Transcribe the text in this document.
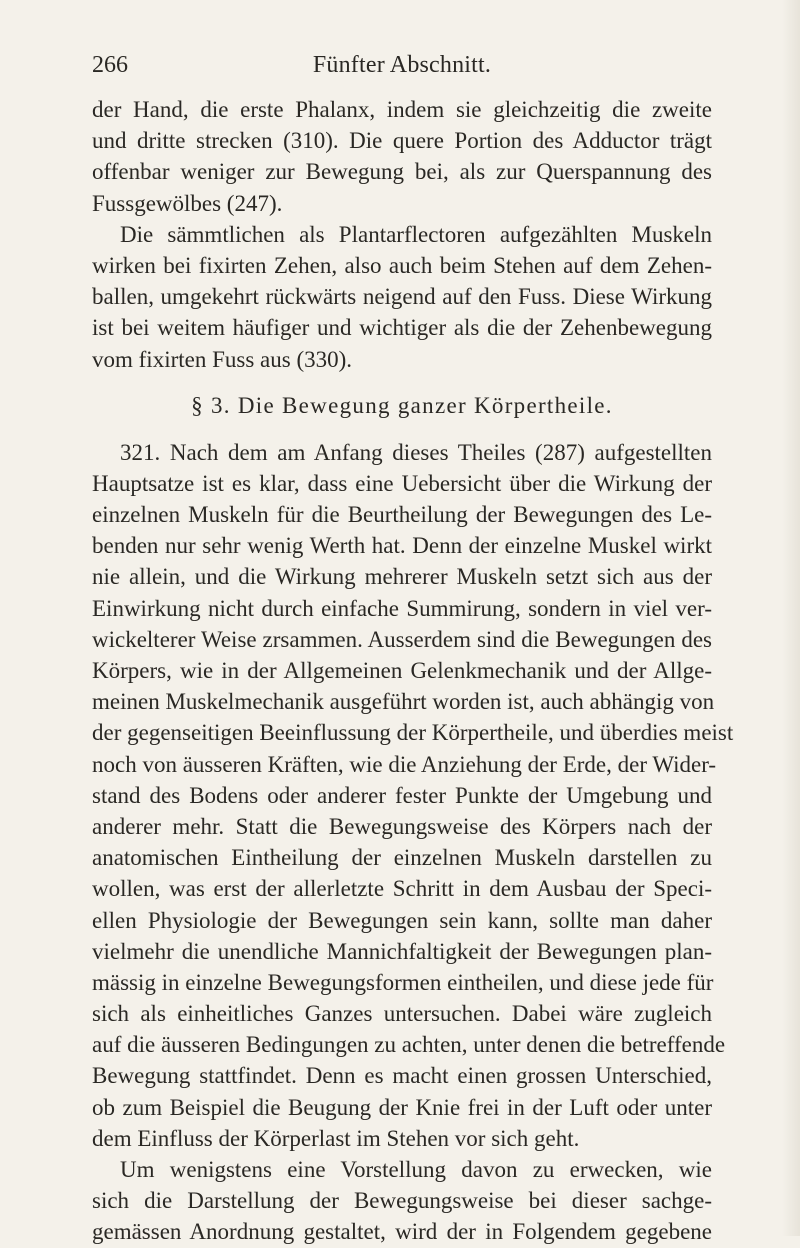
266	Fünfter Abschnitt.
der Hand, die erste Phalanx, indem sie gleichzeitig die zweite
und dritte strecken (310). Die quere Portion des Adductor trägt
offenbar weniger zur Bewegung bei, als zur Querspannung des
Fussgewölbes (247).
Die sämmtlichen als Plantarflectoren aufgezählten Muskeln
wirken bei fixirten Zehen, also auch beim Stehen auf dem Zehen-
ballen, umgekehrt rückwärts neigend auf den Fuss. Diese Wirkung
ist bei weitem häufiger und wichtiger als die der Zehenbewegung
vom fixirten Fuss aus (330).
§ 3. Die Bewegung ganzer Körpertheile.
321. Nach dem am Anfang dieses Theiles (287) aufgestellten
Hauptsatze ist es klar, dass eine Uebersicht über die Wirkung der
einzelnen Muskeln für die Beurtheilung der Bewegungen des Le-
benden nur sehr wenig Werth hat. Denn der einzelne Muskel wirkt
nie allein, und die Wirkung mehrerer Muskeln setzt sich aus der
Einwirkung nicht durch einfache Summirung, sondern in viel ver-
wickelterer Weise zrsammen. Ausserdem sind die Bewegungen des
Körpers, wie in der Allgemeinen Gelenkmechanik und der Allge-
meinen Muskelmechanik ausgeführt worden ist, auch abhängig von
der gegenseitigen Beeinflussung der Körpertheile, und überdies meist
noch von äusseren Kräften, wie die Anziehung der Erde, der Wider-
stand des Bodens oder anderer fester Punkte der Umgebung und
anderer mehr. Statt die Bewegungsweise des Körpers nach der
anatomischen Eintheilung der einzelnen Muskeln darstellen zu
wollen, was erst der allerletzte Schritt in dem Ausbau der Speci-
ellen Physiologie der Bewegungen sein kann, sollte man daher
vielmehr die unendliche Mannichfaltigkeit der Bewegungen plan-
mässig in einzelne Bewegungsformen eintheilen, und diese jede für
sich als einheitliches Ganzes untersuchen. Dabei wäre zugleich
auf die äusseren Bedingungen zu achten, unter denen die betreffende
Bewegung stattfindet. Denn es macht einen grossen Unterschied,
ob zum Beispiel die Beugung der Knie frei in der Luft oder unter
dem Einfluss der Körperlast im Stehen vor sich geht.
Um wenigstens eine Vorstellung davon zu erwecken, wie
sich die Darstellung der Bewegungsweise bei dieser sachge-
gemässen Anordnung gestaltet, wird der in Folgendem gegebene
